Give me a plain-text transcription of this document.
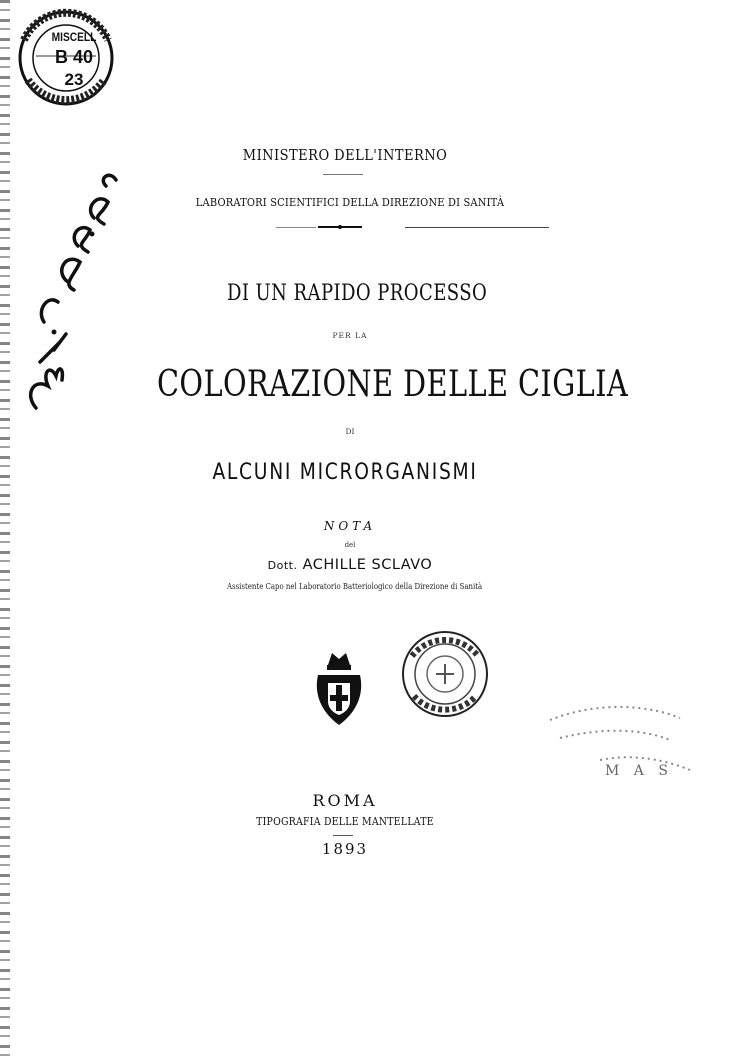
MISCELL
B 40
23
MINISTERO DELL'INTERNO
LABORATORI SCIENTIFICI DELLA DIREZIONE DI SANITÀ
DI UN RAPIDO PROCESSO
PER LA
COLORAZIONE DELLE CIGLIA
DI
ALCUNI MICRORGANISMI
NOTA
del
Dott. ACHILLE SCLAVO
Assistente Capo nel Laboratorio Batteriologico della Direzione di Sanità
M A S
ROMA
TIPOGRAFIA DELLE MANTELLATE
1893
